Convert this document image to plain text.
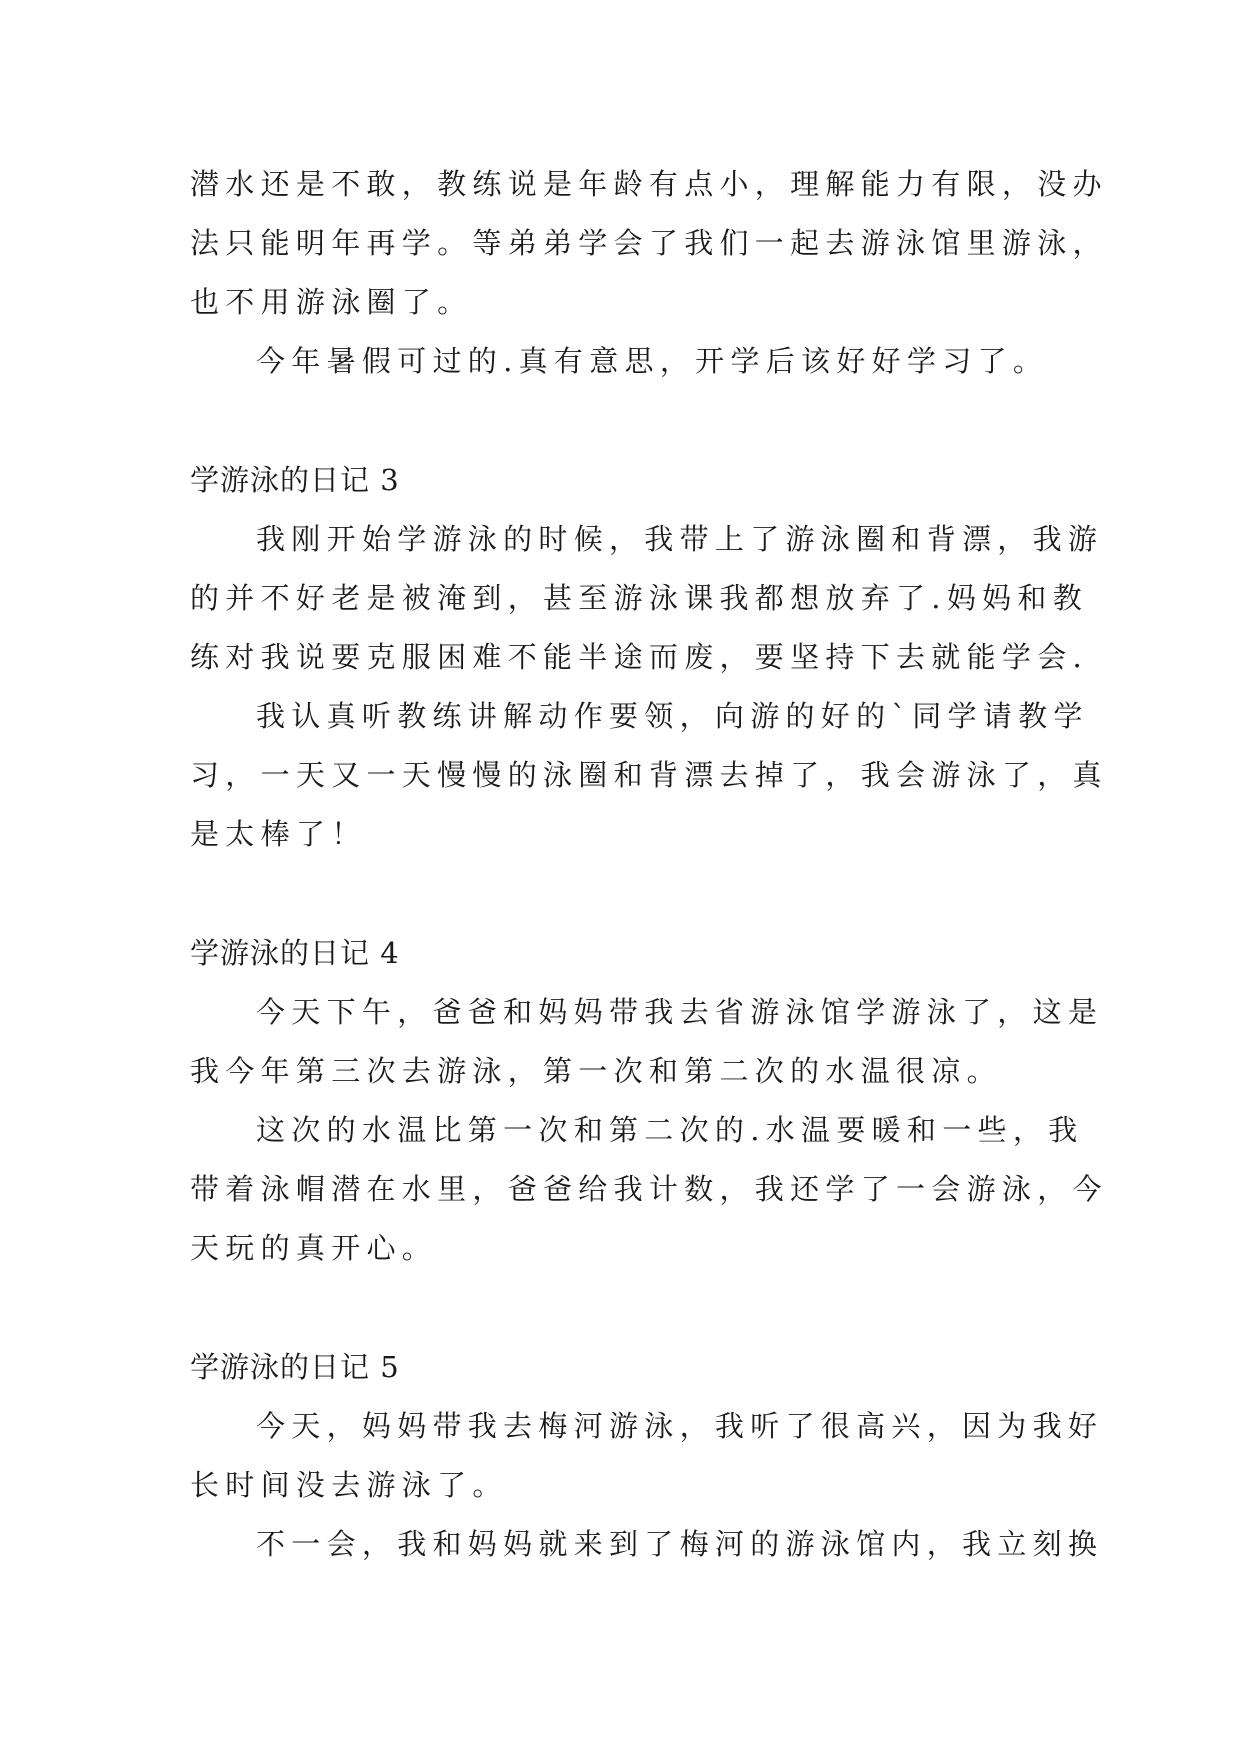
潜水还是不敢，教练说是年龄有点小，理解能力有限，没办

法只能明年再学。等弟弟学会了我们一起去游泳馆里游泳，

也不用游泳圈了。

今年暑假可过的.真有意思，开学后该好好学习了。

学游泳的日记 3

我刚开始学游泳的时候，我带上了游泳圈和背漂，我游

的并不好老是被淹到，甚至游泳课我都想放弃了.妈妈和教

练对我说要克服困难不能半途而废，要坚持下去就能学会.

我认真听教练讲解动作要领，向游的好的`同学请教学

习，一天又一天慢慢的泳圈和背漂去掉了，我会游泳了，真

是太棒了！

学游泳的日记 4

今天下午，爸爸和妈妈带我去省游泳馆学游泳了，这是

我今年第三次去游泳，第一次和第二次的水温很凉。

这次的水温比第一次和第二次的.水温要暖和一些，我

带着泳帽潜在水里，爸爸给我计数，我还学了一会游泳，今

天玩的真开心。

学游泳的日记 5

今天，妈妈带我去梅河游泳，我听了很高兴，因为我好

长时间没去游泳了。

不一会，我和妈妈就来到了梅河的游泳馆内，我立刻换
